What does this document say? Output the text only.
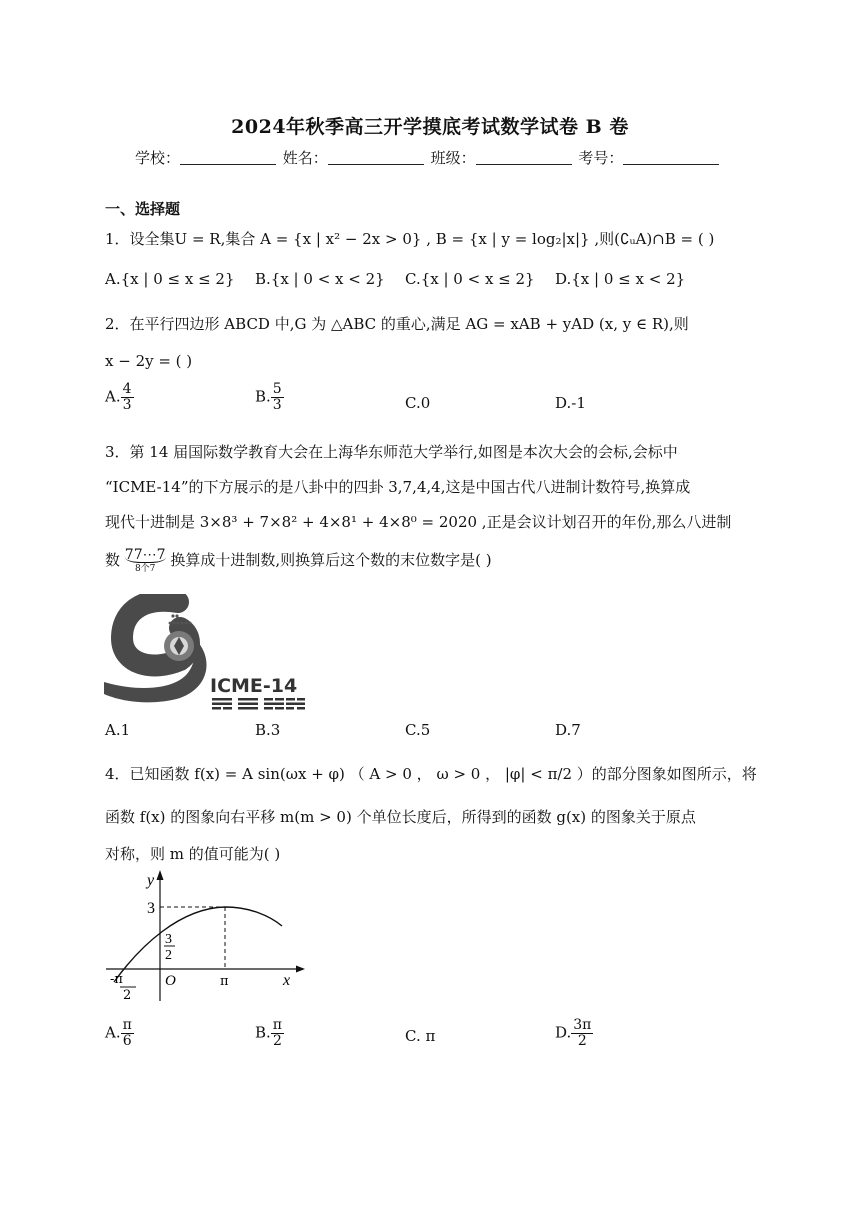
2024年秋季高三开学摸底考试数学试卷 B 卷
学校：	姓名：	班级：	考号：
一、选择题
1．设全集U = R,集合 A = {x | x² − 2x > 0} , B = {x | y = log₂|x|} ,则(∁ᵤA)∩B = ( )
A.{x | 0 ≤ x ≤ 2} B.{x | 0 < x < 2} C.{x | 0 < x ≤ 2} D.{x | 0 ≤ x < 2}
2．在平行四边形 ABCD 中,G 为 △ABC 的重心,满足 AG = xAB + yAD (x, y ∈ R),则
x − 2y = ( )
A. $\frac{4}{3}$	B. $\frac{5}{3}$	C.0	D.-1
3．第 14 届国际数学教育大会在上海华东师范大学举行,如图是本次大会的会标,会标中
“ICME-14”的下方展示的是八卦中的四卦 3,7,4,4,这是中国古代八进制计数符号,换算成
现代十进制是 3×8³ + 7×8² + 4×8¹ + 4×8⁰ = 2020 ,正是会议计划召开的年份,那么八进制
数 77⋯7
8个7 换算成十进制数,则换算后这个数的末位数字是( )
ICME-14
A.1	B.3	C.5	D.7
4．已知函数 f(x) = A sin(ωx + φ) （ A > 0 ， ω > 0 ， |φ| < π/2 ）的部分图象如图所示，将
函数 f(x) 的图象向右平移 m(m > 0) 个单位长度后，所得到的函数 g(x) 的图象关于原点
对称，则 m 的值可能为( )
y
x
O
3
3
2
π
-π
2
A. $\frac{\pi}{6}$	B. $\frac{\pi}{2}$	C. π	D. $\frac{3\pi}{2}$
